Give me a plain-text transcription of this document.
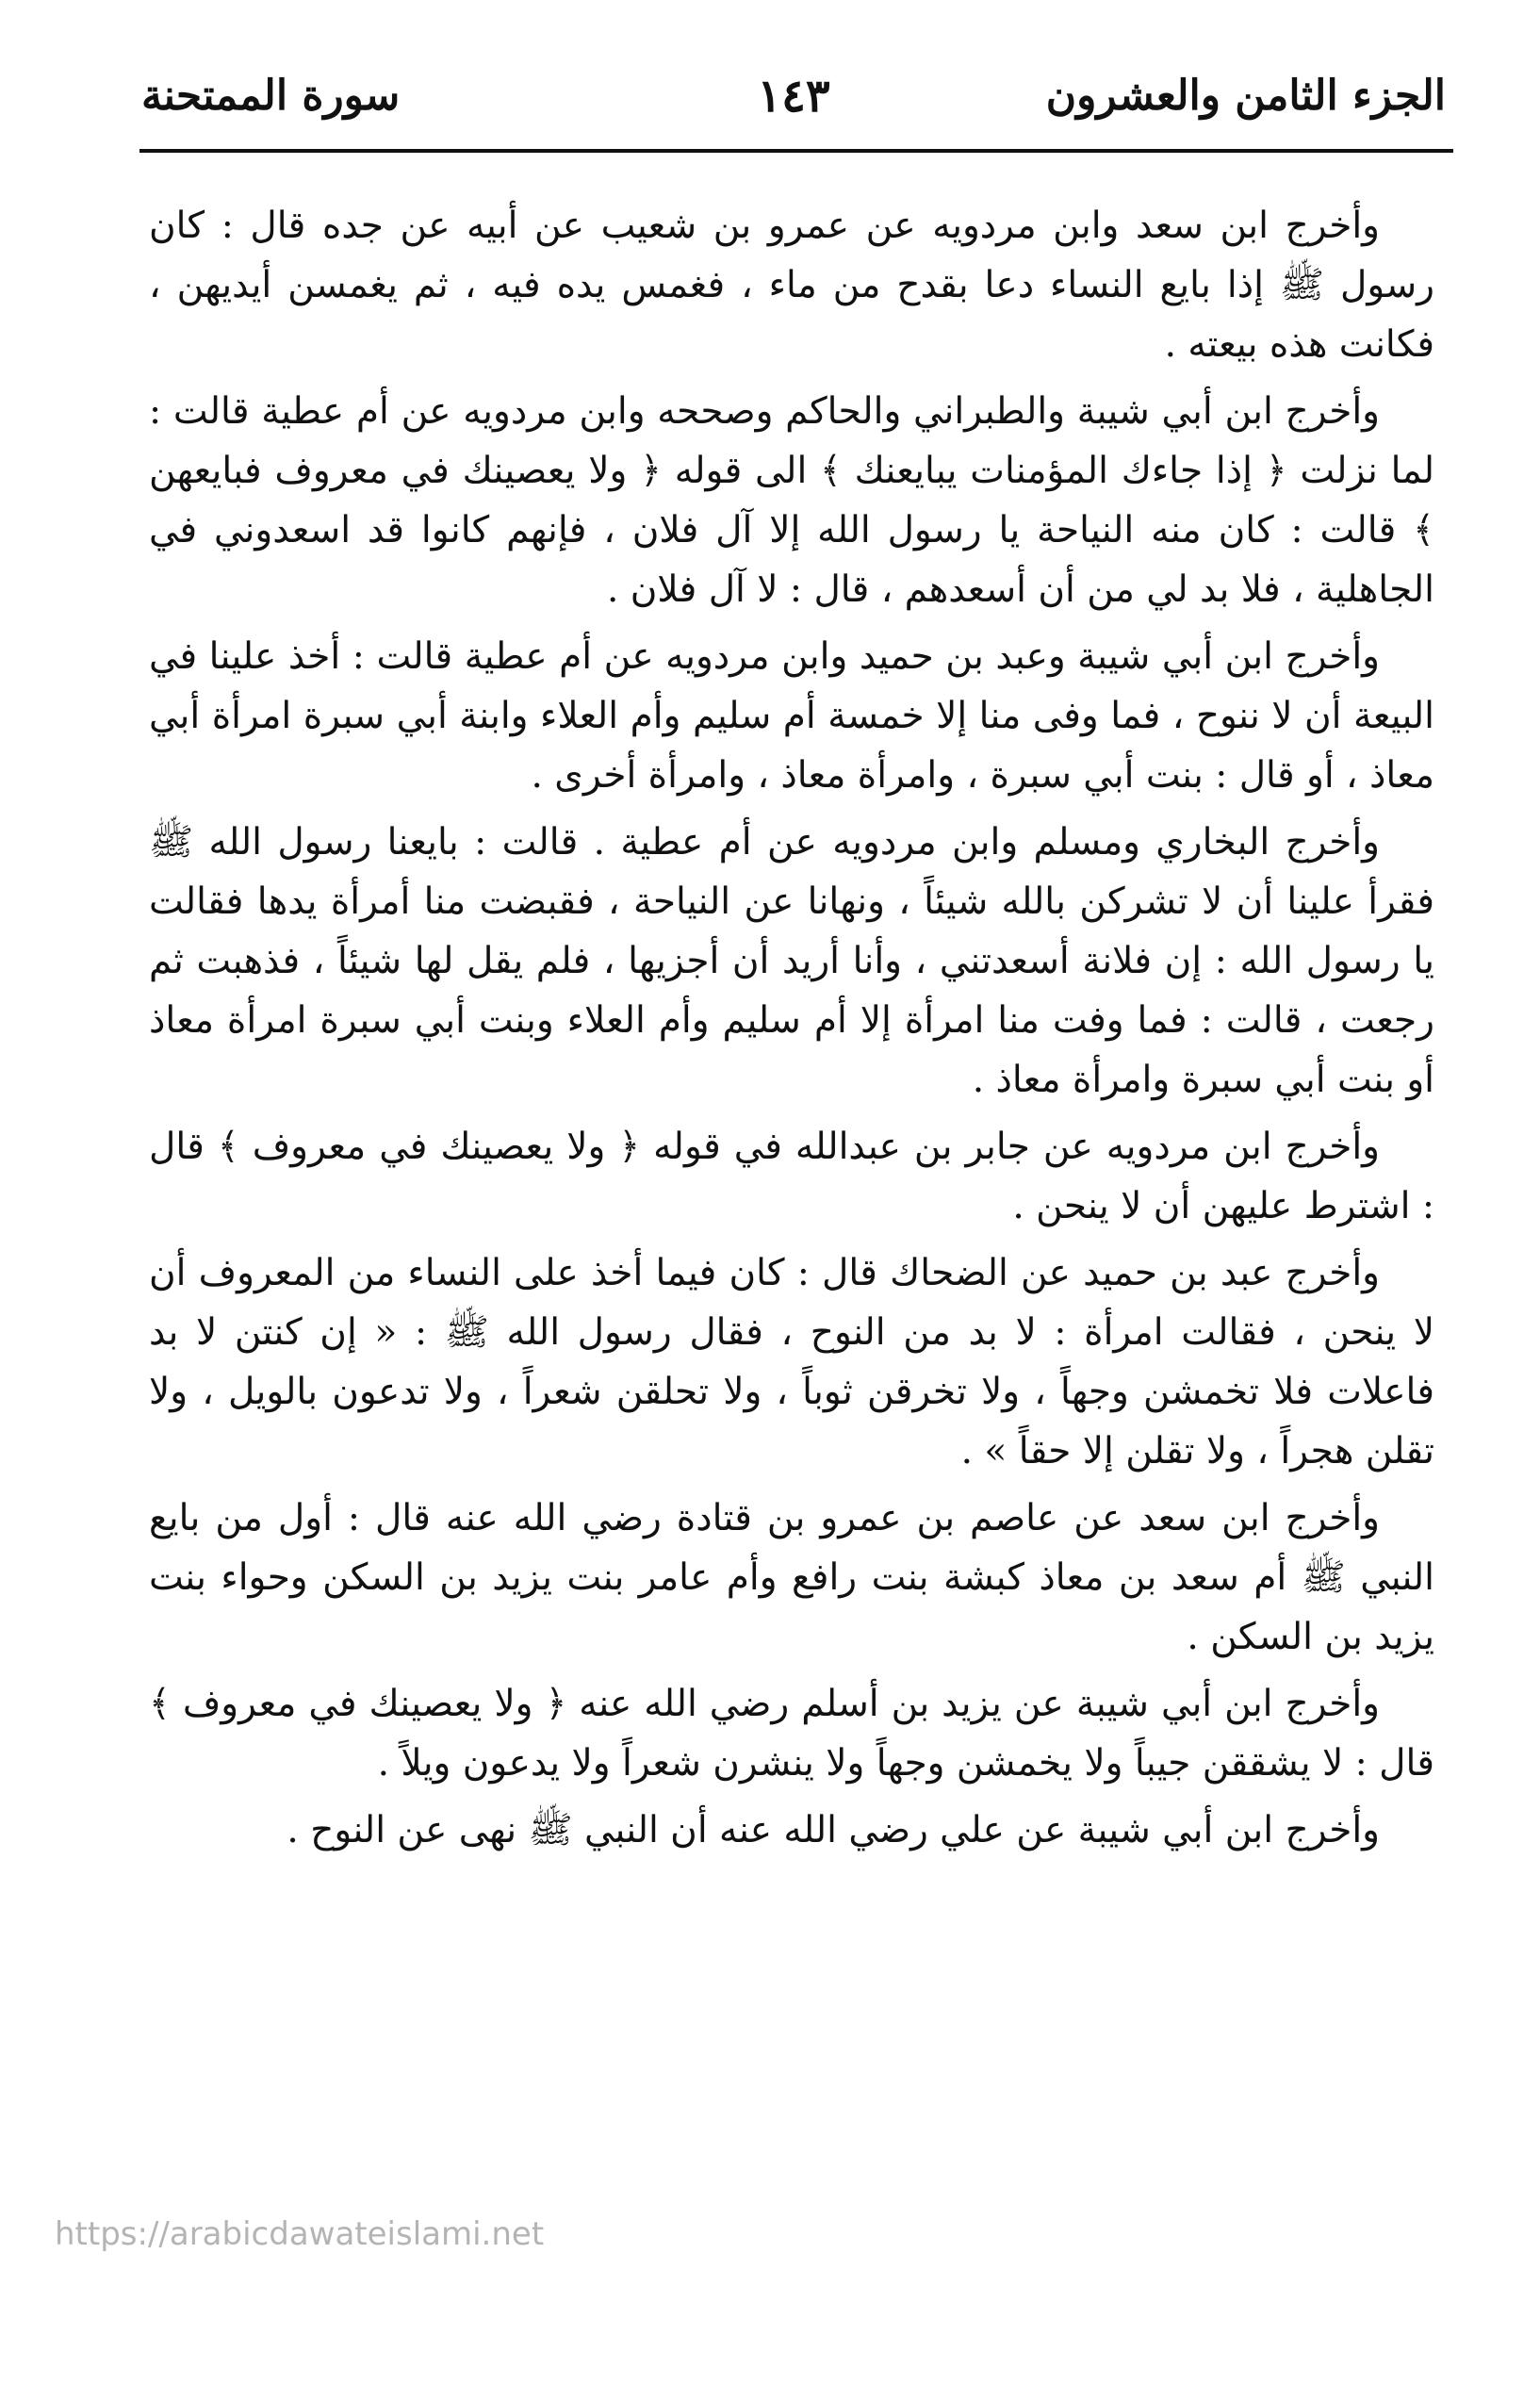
الجزء الثامن والعشرون
١٤٣
سورة الممتحنة

وأخرج ابن سعد وابن مردويه عن عمرو بن شعيب عن أبيه عن جده قال : كان رسول ﷺ إذا بايع النساء دعا بقدح من ماء ، فغمس يده فيه ، ثم يغمسن أيديهن ، فكانت هذه بيعته .

وأخرج ابن أبي شيبة والطبراني والحاكم وصححه وابن مردويه عن أم عطية قالت : لما نزلت ﴿ إذا جاءك المؤمنات يبايعنك ﴾ الى قوله ﴿ ولا يعصينك في معروف فبايعهن ﴾ قالت : كان منه النياحة يا رسول الله إلا آل فلان ، فإنهم كانوا قد اسعدوني في الجاهلية ، فلا بد لي من أن أسعدهم ، قال : لا آل فلان .

وأخرج ابن أبي شيبة وعبد بن حميد وابن مردويه عن أم عطية قالت : أخذ علينا في البيعة أن لا ننوح ، فما وفى منا إلا خمسة أم سليم وأم العلاء وابنة أبي سبرة امرأة أبي معاذ ، أو قال : بنت أبي سبرة ، وامرأة معاذ ، وامرأة أخرى .

وأخرج البخاري ومسلم وابن مردويه عن أم عطية . قالت : بايعنا رسول الله ﷺ فقرأ علينا أن لا تشركن بالله شيئاً ، ونهانا عن النياحة ، فقبضت منا أمرأة يدها فقالت يا رسول الله : إن فلانة أسعدتني ، وأنا أريد أن أجزيها ، فلم يقل لها شيئاً ، فذهبت ثم رجعت ، قالت : فما وفت منا امرأة إلا أم سليم وأم العلاء وبنت أبي سبرة امرأة معاذ أو بنت أبي سبرة وامرأة معاذ .

وأخرج ابن مردويه عن جابر بن عبدالله في قوله ﴿ ولا يعصينك في معروف ﴾ قال : اشترط عليهن أن لا ينحن .

وأخرج عبد بن حميد عن الضحاك قال : كان فيما أخذ على النساء من المعروف أن لا ينحن ، فقالت امرأة : لا بد من النوح ، فقال رسول الله ﷺ : « إن كنتن لا بد فاعلات فلا تخمشن وجهاً ، ولا تخرقن ثوباً ، ولا تحلقن شعراً ، ولا تدعون بالويل ، ولا تقلن هجراً ، ولا تقلن إلا حقاً » .

وأخرج ابن سعد عن عاصم بن عمرو بن قتادة رضي الله عنه قال : أول من بايع النبي ﷺ أم سعد بن معاذ كبشة بنت رافع وأم عامر بنت يزيد بن السكن وحواء بنت يزيد بن السكن .

وأخرج ابن أبي شيبة عن يزيد بن أسلم رضي الله عنه ﴿ ولا يعصينك في معروف ﴾ قال : لا يشققن جيباً ولا يخمشن وجهاً ولا ينشرن شعراً ولا يدعون ويلاً .

وأخرج ابن أبي شيبة عن علي رضي الله عنه أن النبي ﷺ نهى عن النوح .

https://arabicdawateislami.net
